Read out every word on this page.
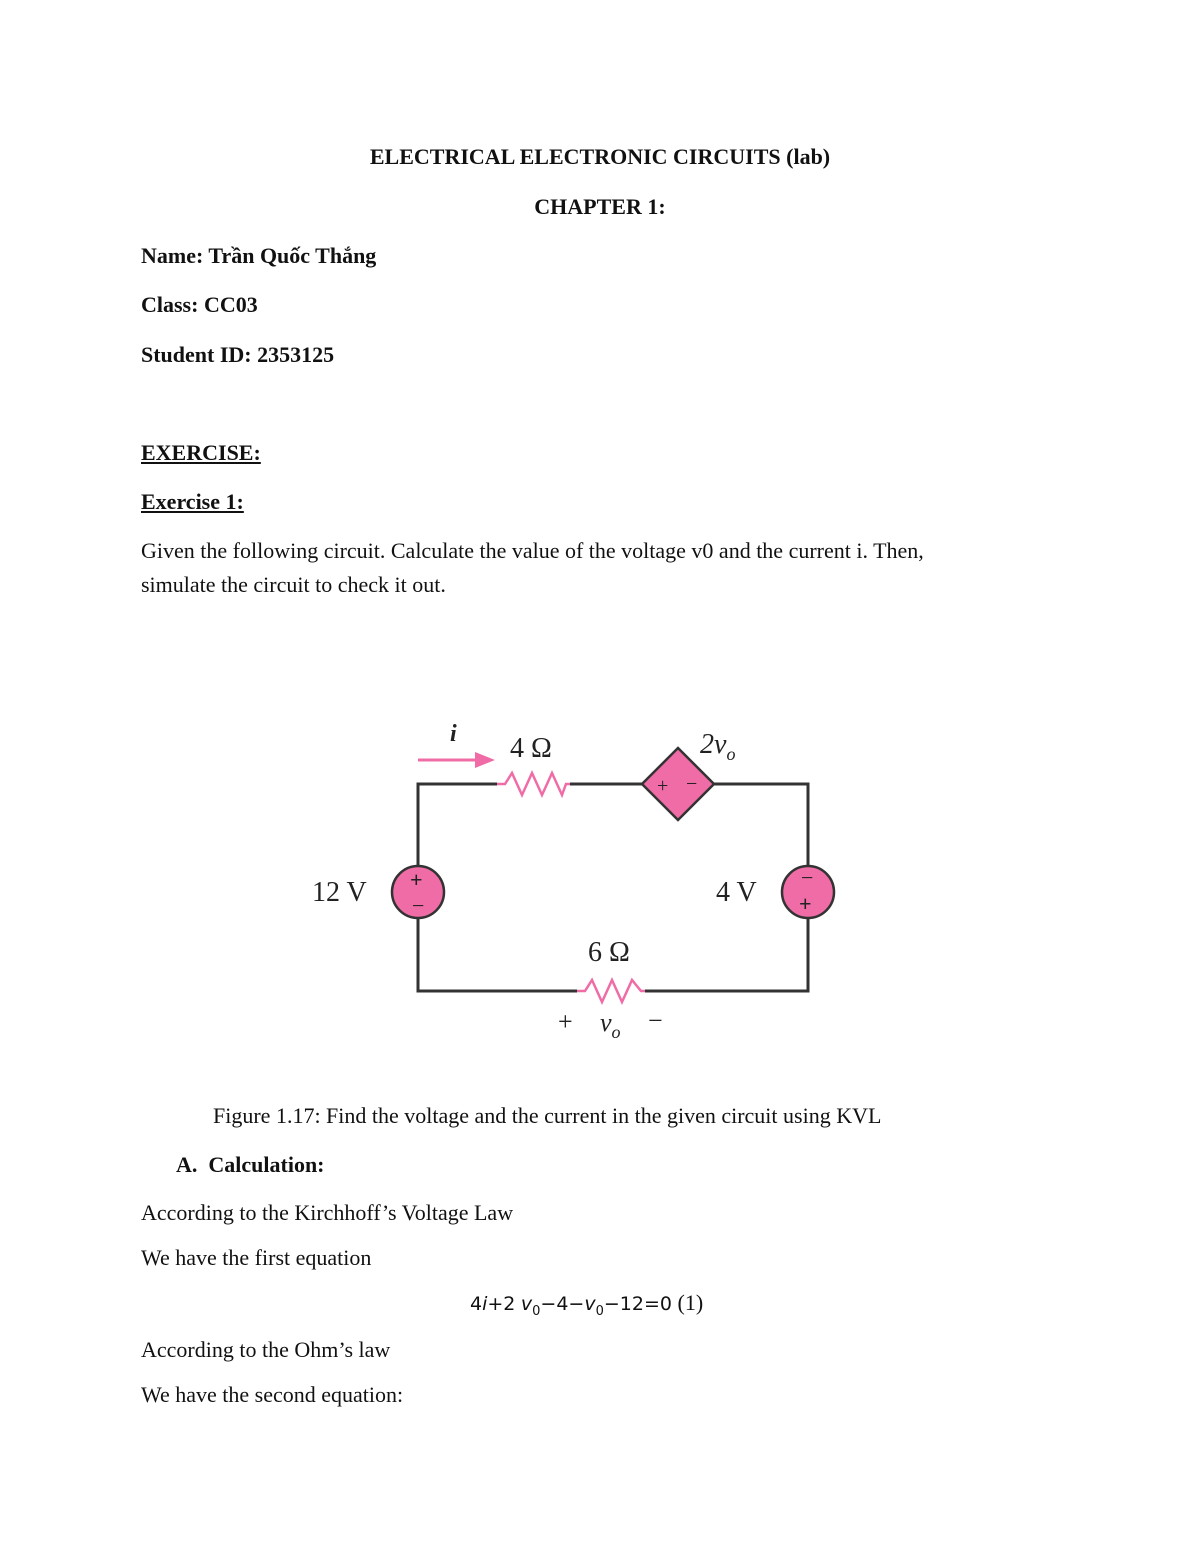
ELECTRICAL ELECTRONIC CIRCUITS (lab)
CHAPTER 1:
Name: Trần Quốc Thắng
Class: CC03
Student ID: 2353125
EXERCISE:
Exercise 1:
Given the following circuit. Calculate the value of the voltage v0 and the current i. Then,
simulate the circuit to check it out.
i
+ −
+
−
−
+
4 Ω	$2v_o$
12 V	4 V
6 Ω
+ $v_o$ −
Figure 1.17: Find the voltage and the current in the given circuit using KVL
A. Calculation:
According to the Kirchhoff’s Voltage Law
We have the first equation
4i+2 $v_0-4-v_0-12=0$ (1)
According to the Ohm’s law
We have the second equation:
